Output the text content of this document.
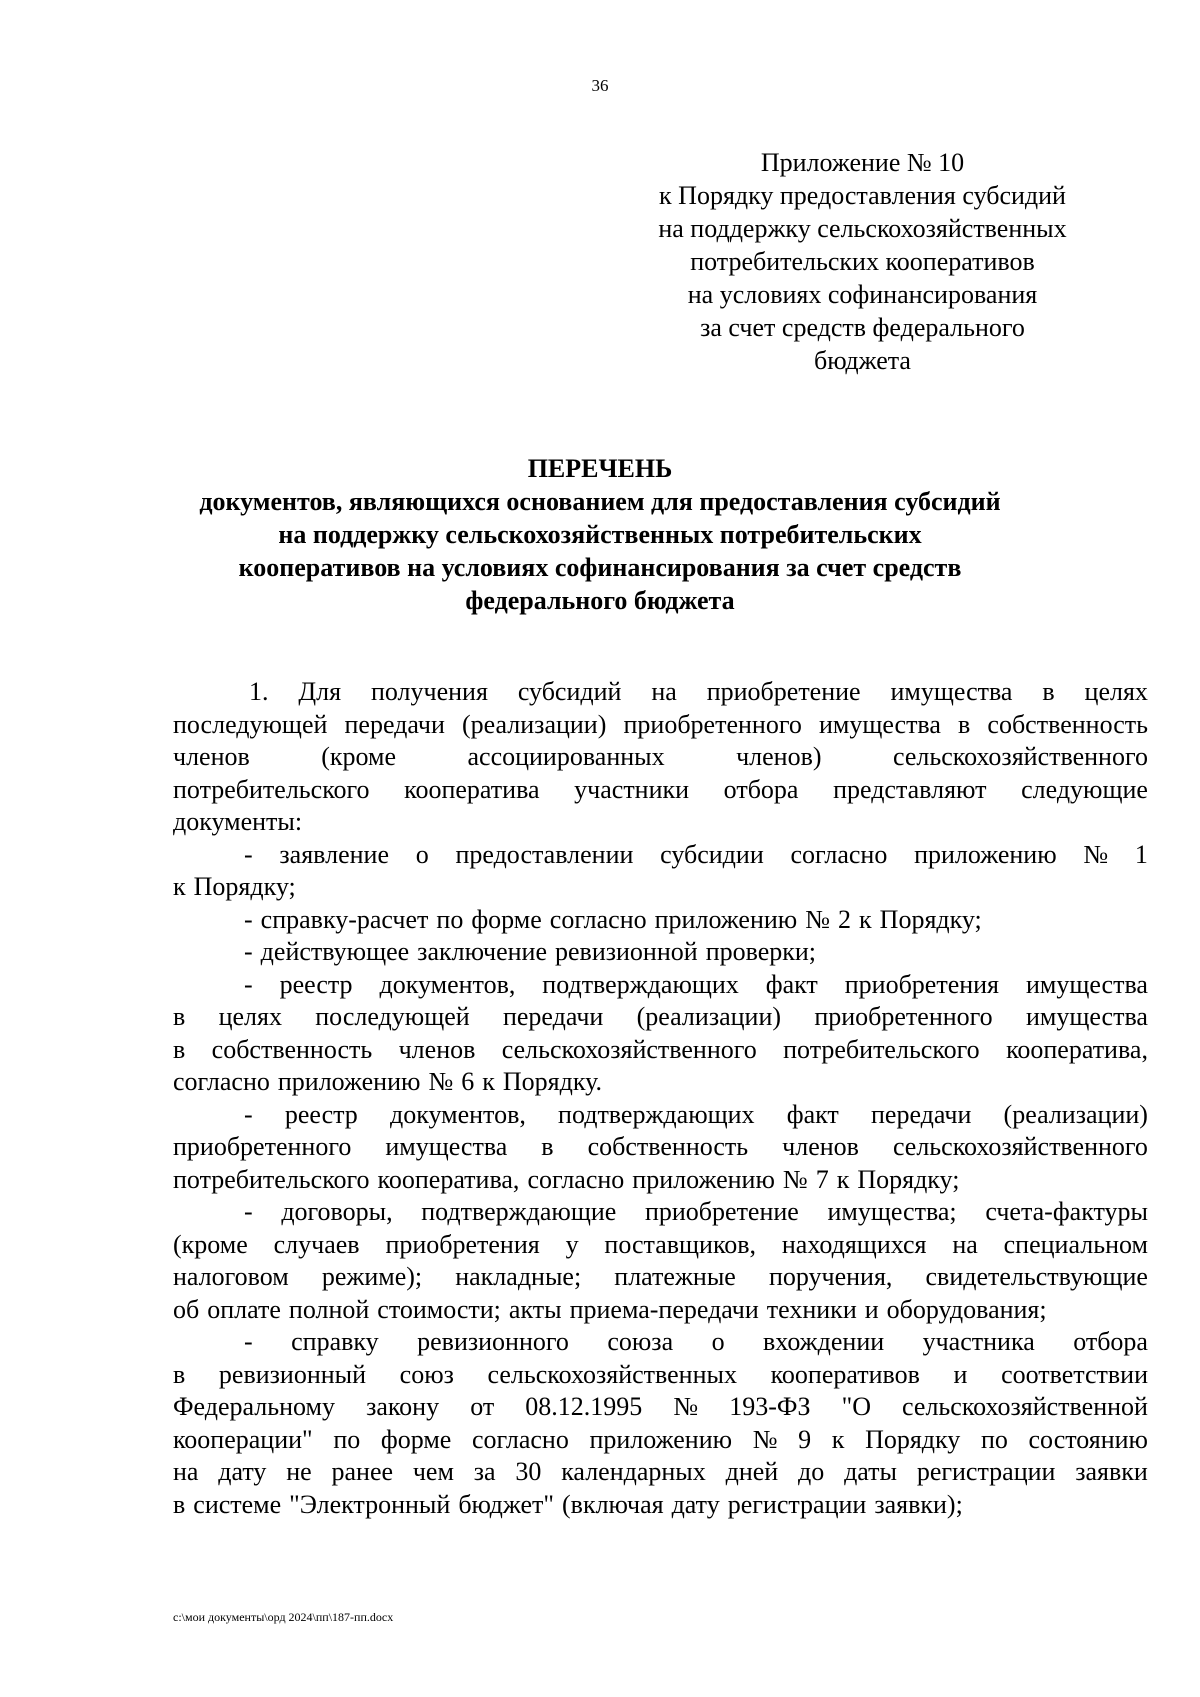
36
Приложение № 10
к Порядку предоставления субсидий
на поддержку сельскохозяйственных
потребительских кооперативов
на условиях софинансирования
за счет средств федерального
бюджета
ПЕРЕЧЕНЬ
документов, являющихся основанием для предоставления субсидий
на поддержку сельскохозяйственных потребительских
кооперативов на условиях софинансирования за счет средств
федерального бюджета
1. Для получения субсидий на приобретение имущества в целях
последующей передачи (реализации) приобретенного имущества в собственность
членов	(кроме	ассоциированных	членов)	сельскохозяйственного
потребительского кооператива участники отбора представляют следующие
документы:
- заявление о предоставлении субсидии согласно приложению № 1
к Порядку;
- справку-расчет по форме согласно приложению № 2 к Порядку;
- действующее заключение ревизионной проверки;
- реестр документов, подтверждающих факт приобретения имущества
в целях последующей передачи (реализации) приобретенного имущества
в собственность членов сельскохозяйственного потребительского кооператива,
согласно приложению № 6 к Порядку.
- реестр документов, подтверждающих факт передачи (реализации)
приобретенного имущества в собственность членов сельскохозяйственного
потребительского кооператива, согласно приложению № 7 к Порядку;
- договоры, подтверждающие приобретение имущества; счета-фактуры
(кроме случаев приобретения у поставщиков, находящихся на специальном
налоговом режиме); накладные; платежные поручения, свидетельствующие
об оплате полной стоимости; акты приема-передачи техники и оборудования;
- справку ревизионного союза о вхождении участника отбора
в ревизионный союз сельскохозяйственных кооперативов и соответствии
Федеральному закону от 08.12.1995 № 193-ФЗ "О сельскохозяйственной
кооперации" по форме согласно приложению № 9 к Порядку по состоянию
на дату не ранее чем за 30 календарных дней до даты регистрации заявки
в системе "Электронный бюджет" (включая дату регистрации заявки);
c:\мои документы\орд 2024\пп\187-пп.docx
